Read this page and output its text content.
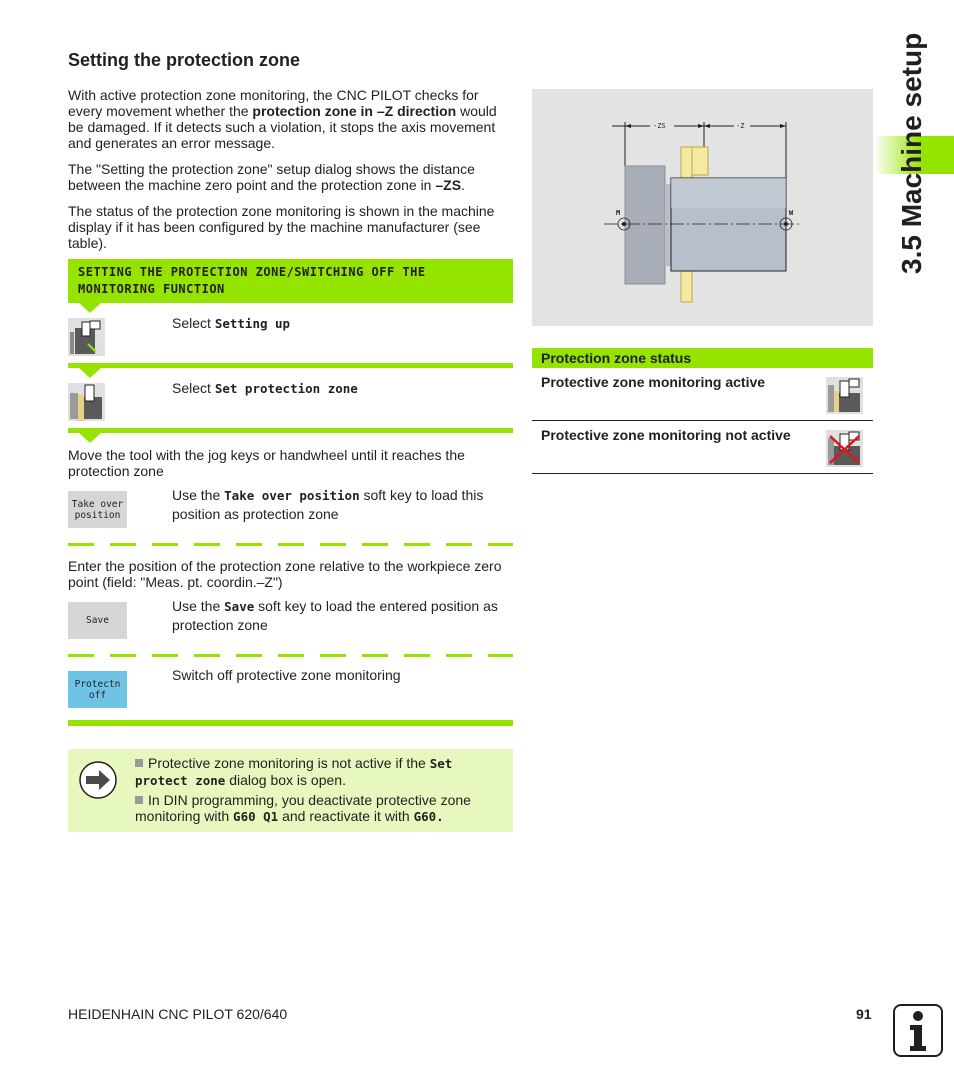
Setting the protection zone

With active protection zone monitoring, the CNC PILOT checks for every movement whether the protection zone in –Z direction would be damaged. If it detects such a violation, it stops the axis movement and generates an error message.

The "Setting the protection zone" setup dialog shows the distance between the machine zero point and the protection zone in –ZS.

The status of the protection zone monitoring is shown in the machine display if it has been configured by the machine manufacturer (see table).

SETTING THE PROTECTION ZONE/SWITCHING OFF THE MONITORING FUNCTION
Select Setting up
Select Set protection zone

Move the tool with the jog keys or handwheel until it reaches the protection zone

Take over
position
Use the Take over position soft key to load this position as protection zone

Enter the position of the protection zone relative to the workpiece zero point (field: "Meas. pt. coordin.–Z")

Save
Use the Save soft key to load the entered position as protection zone
Protectn
off
Switch off protective zone monitoring
Protective zone monitoring is not active if the Set protect zone dialog box is open.
In DIN programming, you deactivate protective zone monitoring with G60 Q1 and reactivate it with G60.
-ZS	-Z
M	W
Protection zone status
Protective zone monitoring active
Protective zone monitoring not active
3.5 Machine setup
HEIDENHAIN CNC PILOT 620/640	91
